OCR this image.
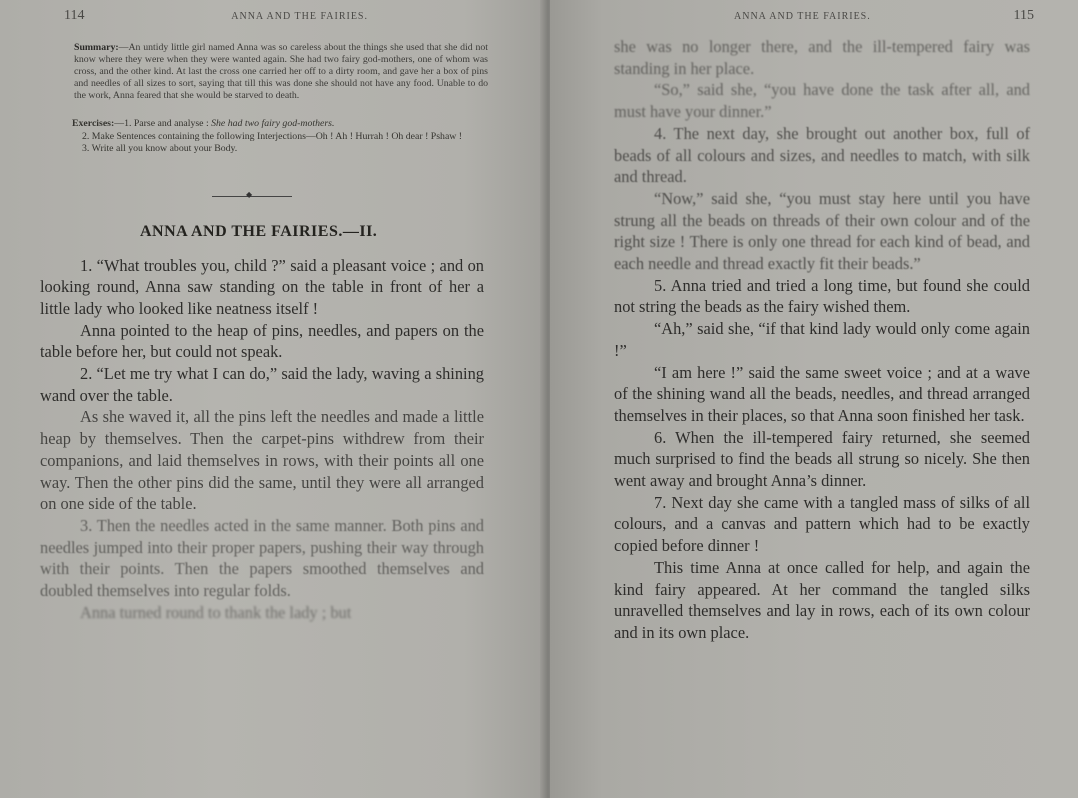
114	ANNA AND THE FAIRIES.
Summary:—An untidy little girl named Anna was so careless about the things she used that she did not know where they were when they were wanted again. She had two fairy god-mothers, one of whom was cross, and the other kind. At last the cross one carried her off to a dirty room, and gave her a box of pins and needles of all sizes to sort, saying that till this was done she should not have any food. Unable to do the work, Anna feared that she would be starved to death.
Exercises:—1. Parse and analyse : She had two fairy god-mothers.
2. Make Sentences containing the following Interjections—Oh ! Ah ! Hurrah ! Oh dear ! Pshaw !
3. Write all you know about your Body.
◆
ANNA AND THE FAIRIES.—II.

1. “What troubles you, child ?” said a pleasant voice ; and on looking round, Anna saw standing on the table in front of her a little lady who looked like neatness itself !

Anna pointed to the heap of pins, needles, and papers on the table before her, but could not speak.

2. “Let me try what I can do,” said the lady, waving a shining wand over the table.

As she waved it, all the pins left the needles and made a little heap by themselves. Then the carpet-pins withdrew from their companions, and laid themselves in rows, with their points all one way. Then the other pins did the same, until they were all arranged on one side of the table.

3. Then the needles acted in the same manner. Both pins and needles jumped into their proper papers, pushing their way through with their points. Then the papers smoothed themselves and doubled themselves into regular folds.

Anna turned round to thank the lady ; but

ANNA AND THE FAIRIES.	115

she was no longer there, and the ill-tempered fairy was standing in her place.

“So,” said she, “you have done the task after all, and must have your dinner.”

4. The next day, she brought out another box, full of beads of all colours and sizes, and needles to match, with silk and thread.

“Now,” said she, “you must stay here until you have strung all the beads on threads of their own colour and of the right size ! There is only one thread for each kind of bead, and each needle and thread exactly fit their beads.”

5. Anna tried and tried a long time, but found she could not string the beads as the fairy wished them.

“Ah,” said she, “if that kind lady would only come again !”

“I am here !” said the same sweet voice ; and at a wave of the shining wand all the beads, needles, and thread arranged themselves in their places, so that Anna soon finished her task.

6. When the ill-tempered fairy returned, she seemed much surprised to find the beads all strung so nicely. She then went away and brought Anna’s dinner.

7. Next day she came with a tangled mass of silks of all colours, and a canvas and pattern which had to be exactly copied before dinner !

This time Anna at once called for help, and again the kind fairy appeared. At her command the tangled silks unravelled themselves and lay in rows, each of its own colour and in its own place.
